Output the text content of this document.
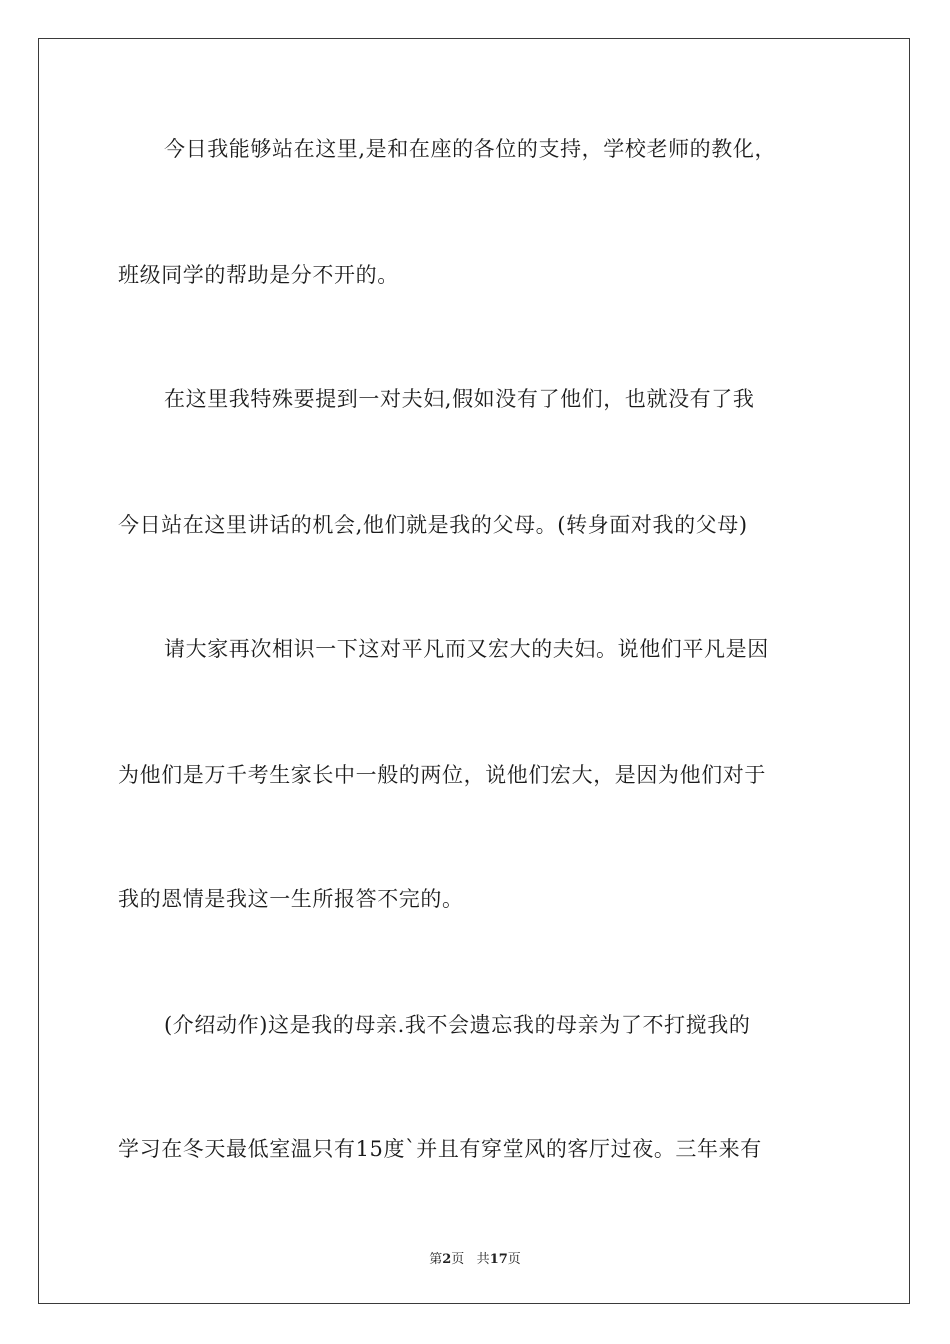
今日我能够站在这里,是和在座的各位的支持，学校老师的教化，
班级同学的帮助是分不开的。
在这里我特殊要提到一对夫妇,假如没有了他们，也就没有了我
今日站在这里讲话的机会,他们就是我的父母。(转身面对我的父母)
请大家再次相识一下这对平凡而又宏大的夫妇。说他们平凡是因
为他们是万千考生家长中一般的两位，说他们宏大，是因为他们对于
我的恩情是我这一生所报答不完的。
(介绍动作)这是我的母亲.我不会遗忘我的母亲为了不打搅我的
学习在冬天最低室温只有15度`并且有穿堂风的客厅过夜。三年来有
第2页 共17页
